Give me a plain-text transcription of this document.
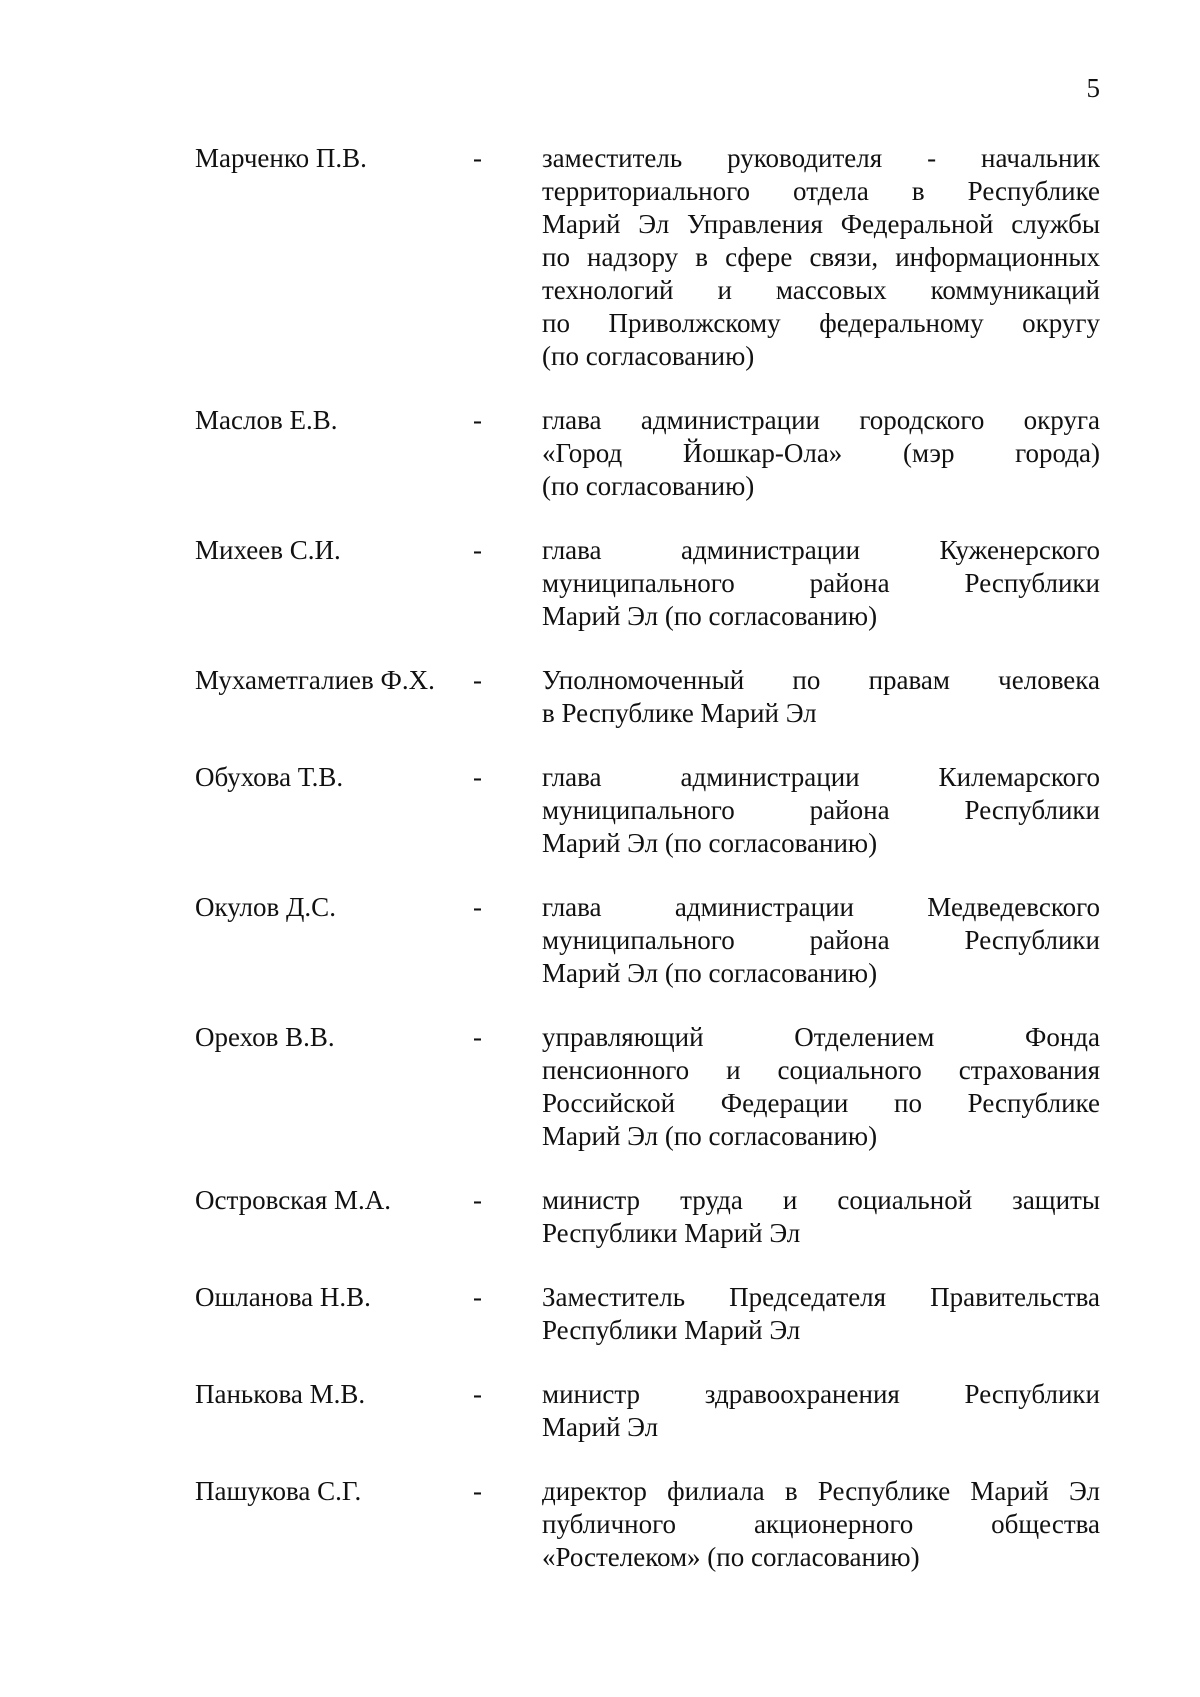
5
Марченко П.В.	-	заместитель руководителя - начальник
территориального отдела в Республике
Марий Эл Управления Федеральной службы
по надзору в сфере связи, информационных
технологий и массовых коммуникаций
по Приволжскому федеральному округу
(по согласованию)
Маслов Е.В.	-	глава администрации городского округа
«Город Йошкар-Ола» (мэр города)
(по согласованию)
Михеев С.И.	-	глава администрации Куженерского
муниципального района Республики
Марий Эл (по согласованию)
Мухаметгалиев Ф.Х.	-	Уполномоченный по правам человека
в Республике Марий Эл
Обухова Т.В.	-	глава администрации Килемарского
муниципального района Республики
Марий Эл (по согласованию)
Окулов Д.С.	-	глава администрации Медведевского
муниципального района Республики
Марий Эл (по согласованию)
Орехов В.В.	-	управляющий Отделением Фонда
пенсионного и социального страхования
Российской Федерации по Республике
Марий Эл (по согласованию)
Островская М.А.	-	министр труда и социальной защиты
Республики Марий Эл
Ошланова Н.В.	-	Заместитель Председателя Правительства
Республики Марий Эл
Панькова М.В.	-	министр здравоохранения Республики
Марий Эл
Пашукова С.Г.	-	директор филиала в Республике Марий Эл
публичного акционерного общества
«Ростелеком» (по согласованию)
